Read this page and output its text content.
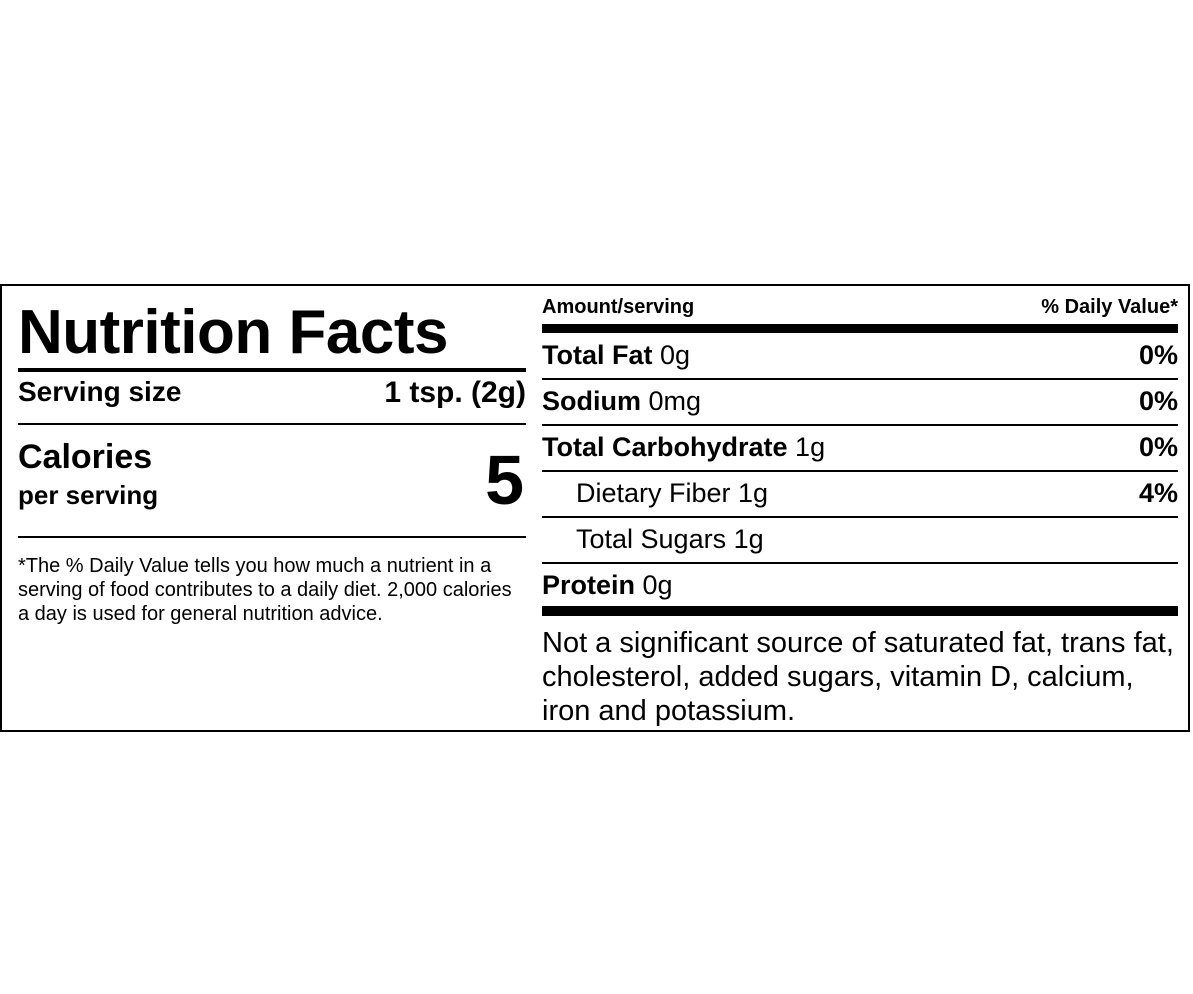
Nutrition Facts
Serving size	1 tsp. (2g)
Calories
per serving	5
*The % Daily Value tells you how much a nutrient in a serving of food contributes to a daily diet. 2,000 calories a day is used for general nutrition advice.
Amount/serving	% Daily Value*
Total Fat 0g	0%
Sodium 0mg	0%
Total Carbohydrate 1g	0%
Dietary Fiber 1g	4%
Total Sugars 1g
Protein 0g
Not a significant source of saturated fat, trans fat, cholesterol, added sugars, vitamin D, calcium, iron and potassium.
